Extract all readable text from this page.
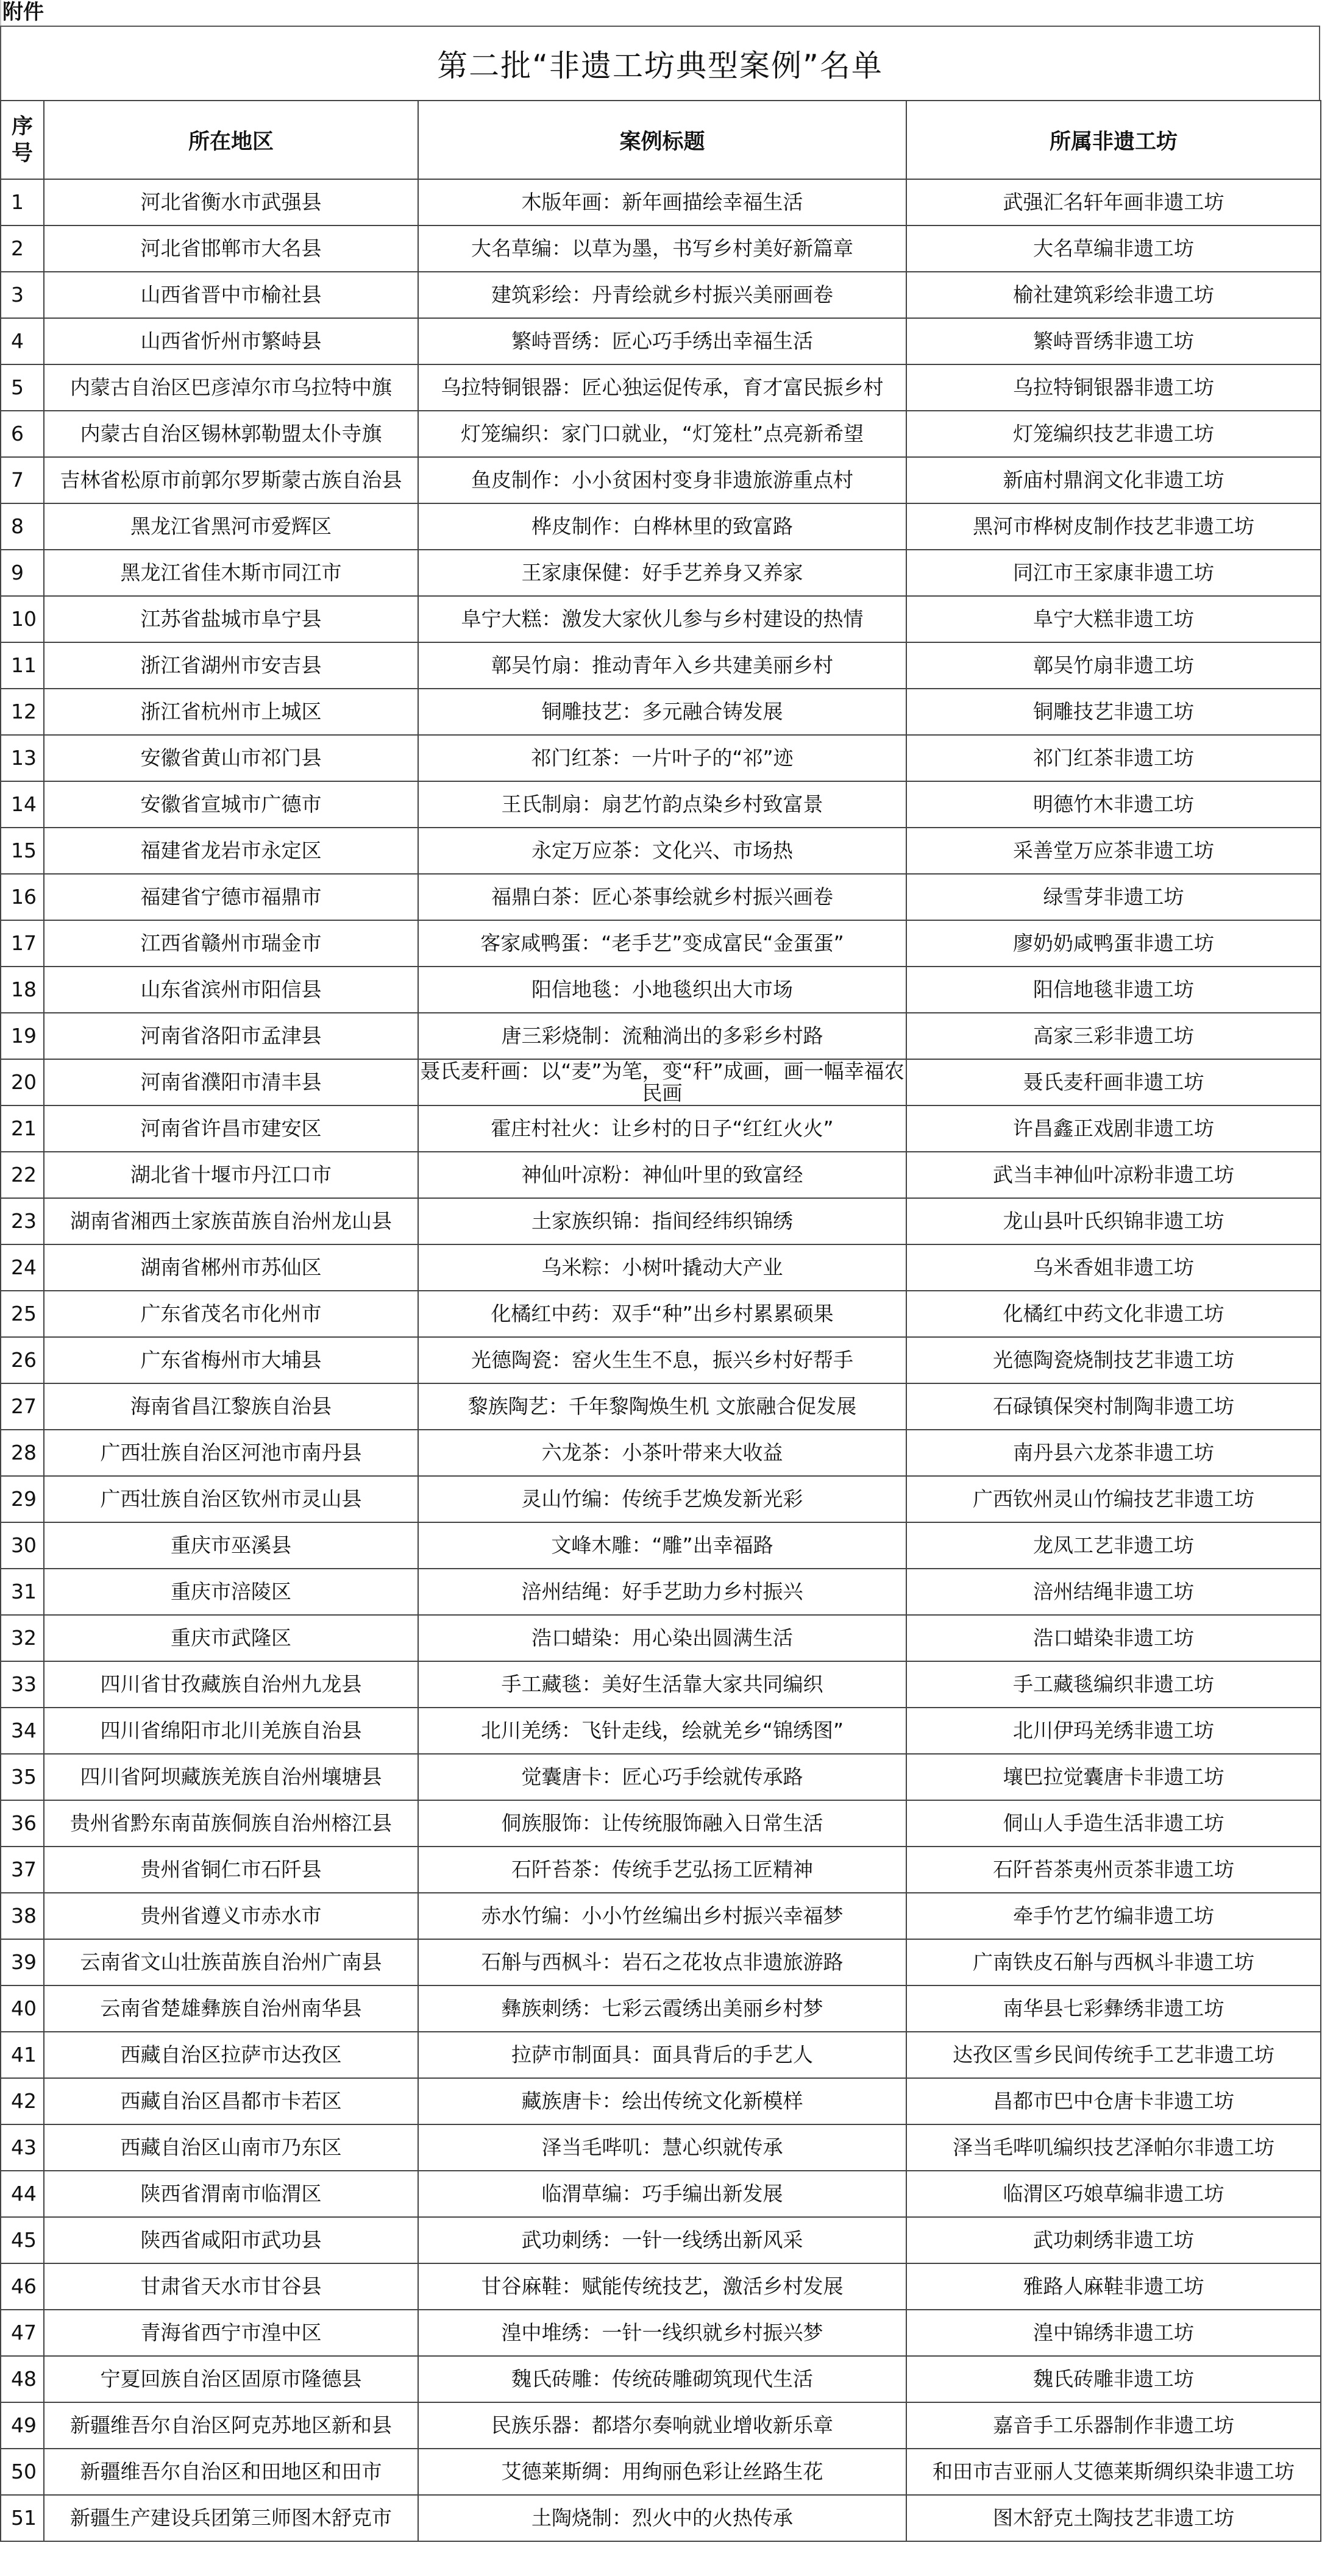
附件
第二批“非遗工坊典型案例”名单
序号	所在地区	案例标题	所属非遗工坊
1	河北省衡水市武强县	木版年画：新年画描绘幸福生活	武强汇名轩年画非遗工坊
2	河北省邯郸市大名县	大名草编：以草为墨，书写乡村美好新篇章	大名草编非遗工坊
3	山西省晋中市榆社县	建筑彩绘：丹青绘就乡村振兴美丽画卷	榆社建筑彩绘非遗工坊
4	山西省忻州市繁峙县	繁峙晋绣：匠心巧手绣出幸福生活	繁峙晋绣非遗工坊
5	内蒙古自治区巴彦淖尔市乌拉特中旗	乌拉特铜银器：匠心独运促传承，育才富民振乡村	乌拉特铜银器非遗工坊
6	内蒙古自治区锡林郭勒盟太仆寺旗	灯笼编织：家门口就业，“灯笼杜”点亮新希望	灯笼编织技艺非遗工坊
7	吉林省松原市前郭尔罗斯蒙古族自治县	鱼皮制作：小小贫困村变身非遗旅游重点村	新庙村鼎润文化非遗工坊
8	黑龙江省黑河市爱辉区	桦皮制作：白桦林里的致富路	黑河市桦树皮制作技艺非遗工坊
9	黑龙江省佳木斯市同江市	王家康保健：好手艺养身又养家	同江市王家康非遗工坊
10	江苏省盐城市阜宁县	阜宁大糕：激发大家伙儿参与乡村建设的热情	阜宁大糕非遗工坊
11	浙江省湖州市安吉县	鄣吴竹扇：推动青年入乡共建美丽乡村	鄣吴竹扇非遗工坊
12	浙江省杭州市上城区	铜雕技艺：多元融合铸发展	铜雕技艺非遗工坊
13	安徽省黄山市祁门县	祁门红茶：一片叶子的“祁”迹	祁门红茶非遗工坊
14	安徽省宣城市广德市	王氏制扇：扇艺竹韵点染乡村致富景	明德竹木非遗工坊
15	福建省龙岩市永定区	永定万应茶：文化兴、市场热	采善堂万应茶非遗工坊
16	福建省宁德市福鼎市	福鼎白茶：匠心茶事绘就乡村振兴画卷	绿雪芽非遗工坊
17	江西省赣州市瑞金市	客家咸鸭蛋：“老手艺”变成富民“金蛋蛋”	廖奶奶咸鸭蛋非遗工坊
18	山东省滨州市阳信县	阳信地毯：小地毯织出大市场	阳信地毯非遗工坊
19	河南省洛阳市孟津县	唐三彩烧制：流釉淌出的多彩乡村路	高家三彩非遗工坊
20	河南省濮阳市清丰县	聂氏麦秆画：以“麦”为笔，变“秆”成画，画一幅幸福农民画	聂氏麦秆画非遗工坊
21	河南省许昌市建安区	霍庄村社火：让乡村的日子“红红火火”	许昌鑫正戏剧非遗工坊
22	湖北省十堰市丹江口市	神仙叶凉粉：神仙叶里的致富经	武当丰神仙叶凉粉非遗工坊
23	湖南省湘西土家族苗族自治州龙山县	土家族织锦：指间经纬织锦绣	龙山县叶氏织锦非遗工坊
24	湖南省郴州市苏仙区	乌米粽：小树叶撬动大产业	乌米香姐非遗工坊
25	广东省茂名市化州市	化橘红中药：双手“种”出乡村累累硕果	化橘红中药文化非遗工坊
26	广东省梅州市大埔县	光德陶瓷：窑火生生不息，振兴乡村好帮手	光德陶瓷烧制技艺非遗工坊
27	海南省昌江黎族自治县	黎族陶艺：千年黎陶焕生机 文旅融合促发展	石碌镇保突村制陶非遗工坊
28	广西壮族自治区河池市南丹县	六龙茶：小茶叶带来大收益	南丹县六龙茶非遗工坊
29	广西壮族自治区钦州市灵山县	灵山竹编：传统手艺焕发新光彩	广西钦州灵山竹编技艺非遗工坊
30	重庆市巫溪县	文峰木雕：“雕”出幸福路	龙凤工艺非遗工坊
31	重庆市涪陵区	涪州结绳：好手艺助力乡村振兴	涪州结绳非遗工坊
32	重庆市武隆区	浩口蜡染：用心染出圆满生活	浩口蜡染非遗工坊
33	四川省甘孜藏族自治州九龙县	手工藏毯：美好生活靠大家共同编织	手工藏毯编织非遗工坊
34	四川省绵阳市北川羌族自治县	北川羌绣：飞针走线，绘就羌乡“锦绣图”	北川伊玛羌绣非遗工坊
35	四川省阿坝藏族羌族自治州壤塘县	觉囊唐卡：匠心巧手绘就传承路	壤巴拉觉囊唐卡非遗工坊
36	贵州省黔东南苗族侗族自治州榕江县	侗族服饰：让传统服饰融入日常生活	侗山人手造生活非遗工坊
37	贵州省铜仁市石阡县	石阡苔茶：传统手艺弘扬工匠精神	石阡苔茶夷州贡茶非遗工坊
38	贵州省遵义市赤水市	赤水竹编：小小竹丝编出乡村振兴幸福梦	牵手竹艺竹编非遗工坊
39	云南省文山壮族苗族自治州广南县	石斛与西枫斗：岩石之花妆点非遗旅游路	广南铁皮石斛与西枫斗非遗工坊
40	云南省楚雄彝族自治州南华县	彝族刺绣：七彩云霞绣出美丽乡村梦	南华县七彩彝绣非遗工坊
41	西藏自治区拉萨市达孜区	拉萨市制面具：面具背后的手艺人	达孜区雪乡民间传统手工艺非遗工坊
42	西藏自治区昌都市卡若区	藏族唐卡：绘出传统文化新模样	昌都市巴中仓唐卡非遗工坊
43	西藏自治区山南市乃东区	泽当毛哔叽：慧心织就传承	泽当毛哔叽编织技艺泽帕尔非遗工坊
44	陕西省渭南市临渭区	临渭草编：巧手编出新发展	临渭区巧娘草编非遗工坊
45	陕西省咸阳市武功县	武功刺绣：一针一线绣出新风采	武功刺绣非遗工坊
46	甘肃省天水市甘谷县	甘谷麻鞋：赋能传统技艺，激活乡村发展	雅路人麻鞋非遗工坊
47	青海省西宁市湟中区	湟中堆绣：一针一线织就乡村振兴梦	湟中锦绣非遗工坊
48	宁夏回族自治区固原市隆德县	魏氏砖雕：传统砖雕砌筑现代生活	魏氏砖雕非遗工坊
49	新疆维吾尔自治区阿克苏地区新和县	民族乐器：都塔尔奏响就业增收新乐章	嘉音手工乐器制作非遗工坊
50	新疆维吾尔自治区和田地区和田市	艾德莱斯绸：用绚丽色彩让丝路生花	和田市吉亚丽人艾德莱斯绸织染非遗工坊
51	新疆生产建设兵团第三师图木舒克市	土陶烧制：烈火中的火热传承	图木舒克土陶技艺非遗工坊
